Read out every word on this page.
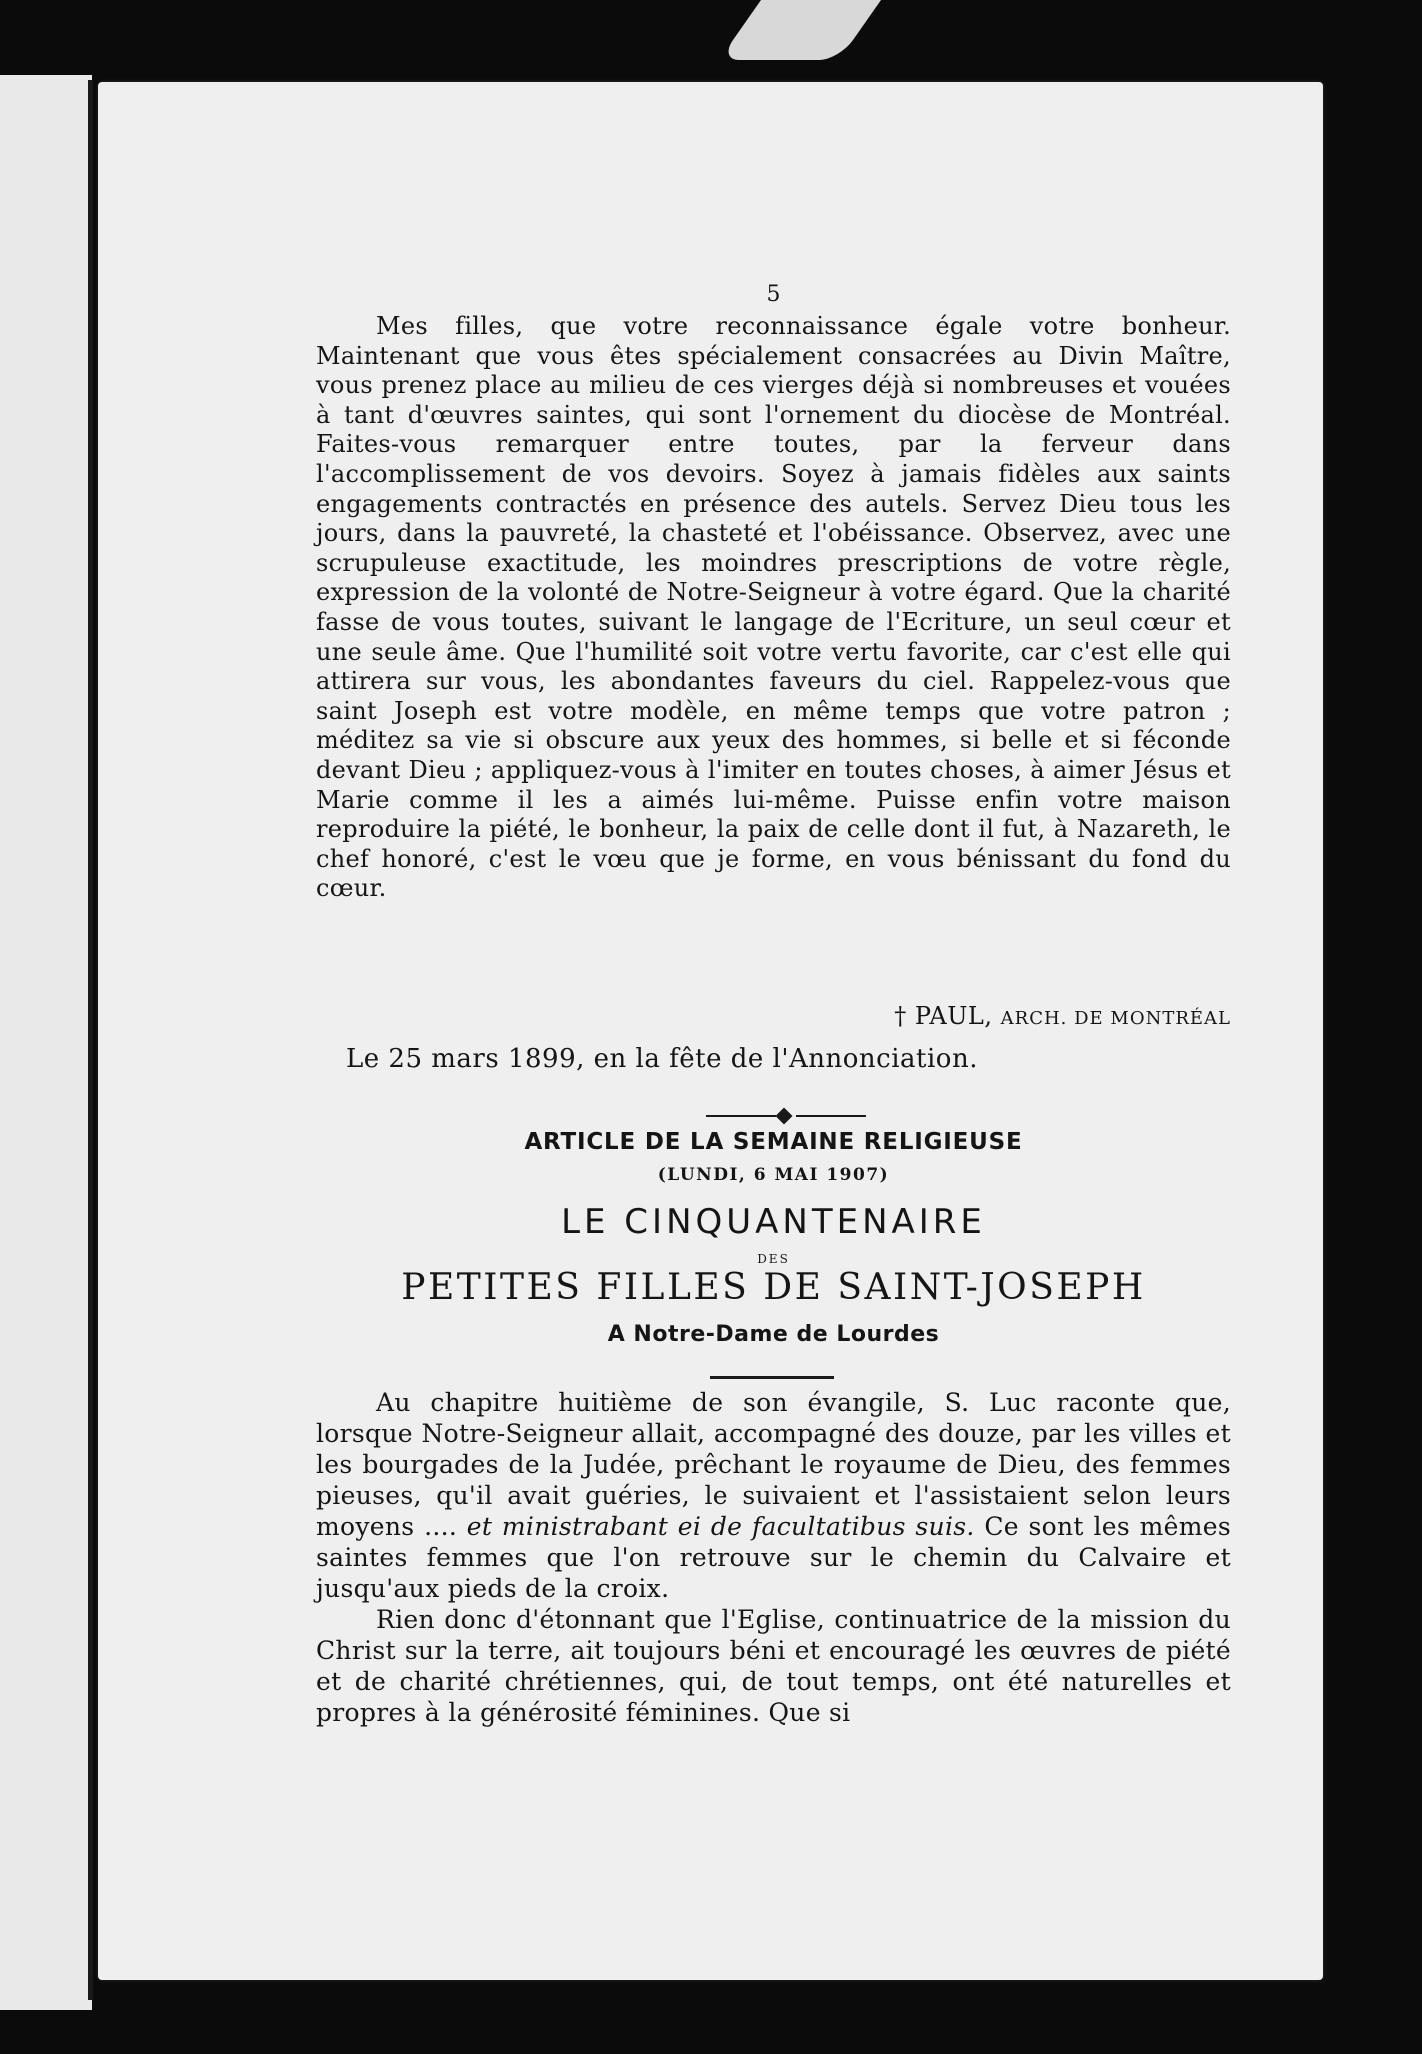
5
Mes filles, que votre reconnaissance égale votre bonheur. Maintenant que vous êtes spécialement consacrées au Divin Maître, vous prenez place au milieu de ces vierges déjà si nombreuses et vouées à tant d'œuvres saintes, qui sont l'ornement du diocèse de Montréal. Faites-vous remarquer entre toutes, par la ferveur dans l'accomplissement de vos devoirs. Soyez à jamais fidèles aux saints engagements contractés en présence des autels. Servez Dieu tous les jours, dans la pauvreté, la chasteté et l'obéissance. Observez, avec une scrupuleuse exactitude, les moindres prescriptions de votre règle, expression de la volonté de Notre-Seigneur à votre égard. Que la charité fasse de vous toutes, suivant le langage de l'Ecriture, un seul cœur et une seule âme. Que l'humilité soit votre vertu favorite, car c'est elle qui attirera sur vous, les abondantes faveurs du ciel. Rappelez-vous que saint Joseph est votre modèle, en même temps que votre patron ; méditez sa vie si obscure aux yeux des hommes, si belle et si féconde devant Dieu ; appliquez-vous à l'imiter en toutes choses, à aimer Jésus et Marie comme il les a aimés lui-même. Puisse enfin votre maison reproduire la piété, le bonheur, la paix de celle dont il fut, à Nazareth, le chef honoré, c'est le vœu que je forme, en vous bénissant du fond du cœur.
† PAUL, ARCH. DE MONTRÉAL
Le 25 mars 1899, en la fête de l'Annonciation.
ARTICLE DE LA SEMAINE RELIGIEUSE
(LUNDI, 6 MAI 1907)
LE CINQUANTENAIRE
DES
PETITES FILLES DE SAINT-JOSEPH
A Notre-Dame de Lourdes

Au chapitre huitième de son évangile, S. Luc raconte que, lorsque Notre-Seigneur allait, accompagné des douze, par les villes et les bourgades de la Judée, prêchant le royaume de Dieu, des femmes pieuses, qu'il avait guéries, le suivaient et l'assistaient selon leurs moyens .... et ministrabant ei de facultatibus suis. Ce sont les mêmes saintes femmes que l'on retrouve sur le chemin du Calvaire et jusqu'aux pieds de la croix.

Rien donc d'étonnant que l'Eglise, continuatrice de la mission du Christ sur la terre, ait toujours béni et encouragé les œuvres de piété et de charité chrétiennes, qui, de tout temps, ont été naturelles et propres à la générosité féminines. Que si
